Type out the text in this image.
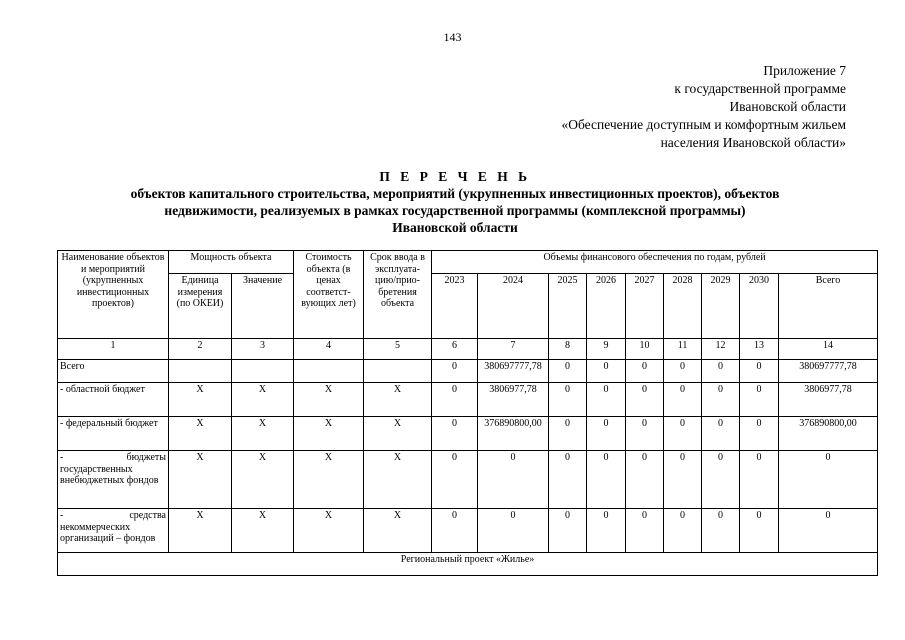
143
Приложение 7
к государственной программе
Ивановской области
«Обеспечение доступным и комфортным жильем
населения Ивановской области»
П Е Р Е Ч Е Н Ь
объектов капитального строительства, мероприятий (укрупненных инвестиционных проектов), объектов
недвижимости, реализуемых в рамках государственной программы (комплексной программы)
Ивановской области
Наименование объектов и мероприятий (укрупненных инвестиционных проектов)	Мощность объекта		Стоимость объекта (в ценах соответст-вующих лет)	Срок ввода в эксплуата-цию/прио-бретения объекта	Объемы финансового обеспечения по годам, рублей								
	Единица измерения (по ОКЕИ)	Значение			2023	2024	2025	2026	2027	2028	2029	2030	Всего
1	2	3	4	5	6	7	8	9	10	11	12	13	14
Всего					0	380697777,78	0	0	0	0	0	0	380697777,78
- областной бюджет	X	X	X	X	0	3806977,78	0	0	0	0	0	0	3806977,78
- федеральный бюджет	X	X	X	X	0	376890800,00	0	0	0	0	0	0	376890800,00
- бюджеты государственных внебюджетных фондов	X	X	X	X	0	0	0	0	0	0	0	0	0
- средства некоммерческих организаций – фондов	X	X	X	X	0	0	0	0	0	0	0	0	0
Региональный проект «Жилье»													
